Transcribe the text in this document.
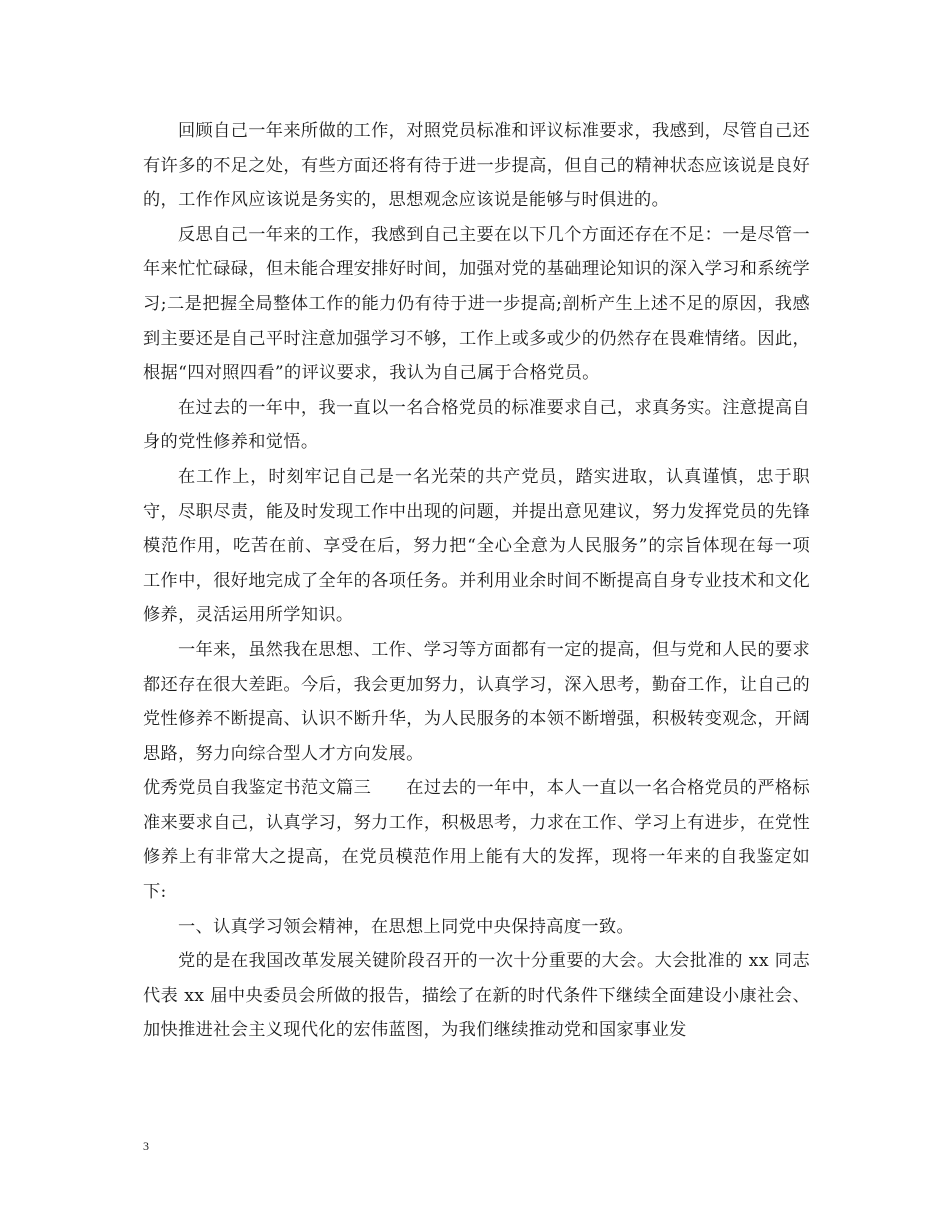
回顾自己一年来所做的工作，对照党员标准和评议标准要求，我感到，尽管自己还有许多的不足之处，有些方面还将有待于进一步提高，但自己的精神状态应该说是良好的，工作作风应该说是务实的，思想观念应该说是能够与时俱进的。

反思自己一年来的工作，我感到自己主要在以下几个方面还存在不足：一是尽管一年来忙忙碌碌，但未能合理安排好时间，加强对党的基础理论知识的深入学习和系统学习;二是把握全局整体工作的能力仍有待于进一步提高;剖析产生上述不足的原因，我感到主要还是自己平时注意加强学习不够，工作上或多或少的仍然存在畏难情绪。因此，根据“四对照四看”的评议要求，我认为自己属于合格党员。

在过去的一年中，我一直以一名合格党员的标准要求自己，求真务实。注意提高自身的党性修养和觉悟。

在工作上，时刻牢记自己是一名光荣的共产党员，踏实进取，认真谨慎，忠于职守，尽职尽责，能及时发现工作中出现的问题，并提出意见建议，努力发挥党员的先锋模范作用，吃苦在前、享受在后，努力把“全心全意为人民服务”的宗旨体现在每一项工作中，很好地完成了全年的各项任务。并利用业余时间不断提高自身专业技术和文化修养，灵活运用所学知识。

一年来，虽然我在思想、工作、学习等方面都有一定的提高，但与党和人民的要求都还存在很大差距。今后，我会更加努力，认真学习，深入思考，勤奋工作，让自己的党性修养不断提高、认识不断升华，为人民服务的本领不断增强，积极转变观念，开阔思路，努力向综合型人才方向发展。

优秀党员自我鉴定书范文篇三　　在过去的一年中，本人一直以一名合格党员的严格标准来要求自己，认真学习，努力工作，积极思考，力求在工作、学习上有进步，在党性修养上有非常大之提高，在党员模范作用上能有大的发挥，现将一年来的自我鉴定如下:

一、认真学习领会精神，在思想上同党中央保持高度一致。

党的是在我国改革发展关键阶段召开的一次十分重要的大会。大会批准的 xx 同志代表 xx 届中央委员会所做的报告，描绘了在新的时代条件下继续全面建设小康社会、加快推进社会主义现代化的宏伟蓝图，为我们继续推动党和国家事业发

3
